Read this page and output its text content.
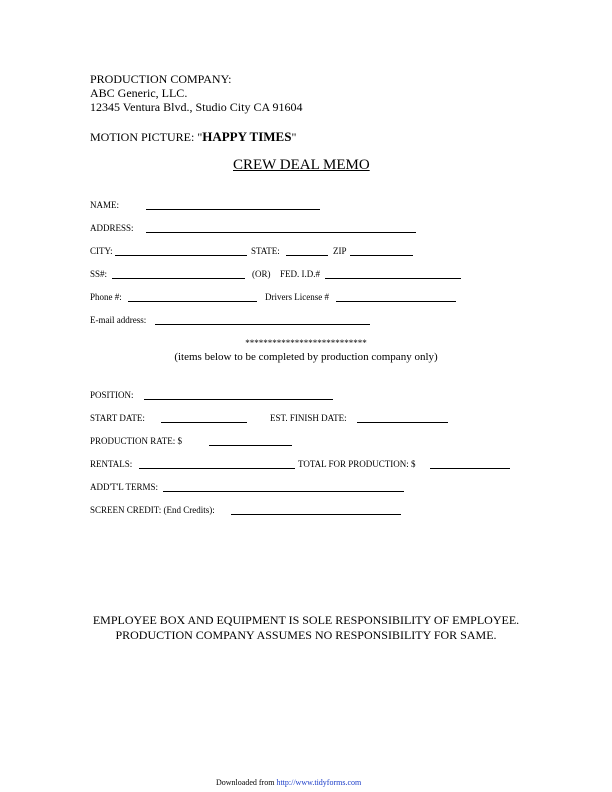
PRODUCTION COMPANY:
ABC Generic, LLC.
12345 Ventura Blvd., Studio City CA 91604
MOTION PICTURE: "HAPPY TIMES"
CREW DEAL MEMO
NAME:
ADDRESS:
CITY:	STATE:	ZIP
SS#:	(OR) FED. I.D.#
Phone #:	Drivers License #
E-mail address:
***************************
(items below to be completed by production company only)
POSITION:
START DATE:	EST. FINISH DATE:
PRODUCTION RATE: $
RENTALS:	TOTAL FOR PRODUCTION: $
ADD'T'L TERMS:
SCREEN CREDIT: (End Credits):
EMPLOYEE BOX AND EQUIPMENT IS SOLE RESPONSIBILITY OF EMPLOYEE.
PRODUCTION COMPANY ASSUMES NO RESPONSIBILITY FOR SAME.
Downloaded from http://www.tidyforms.com
